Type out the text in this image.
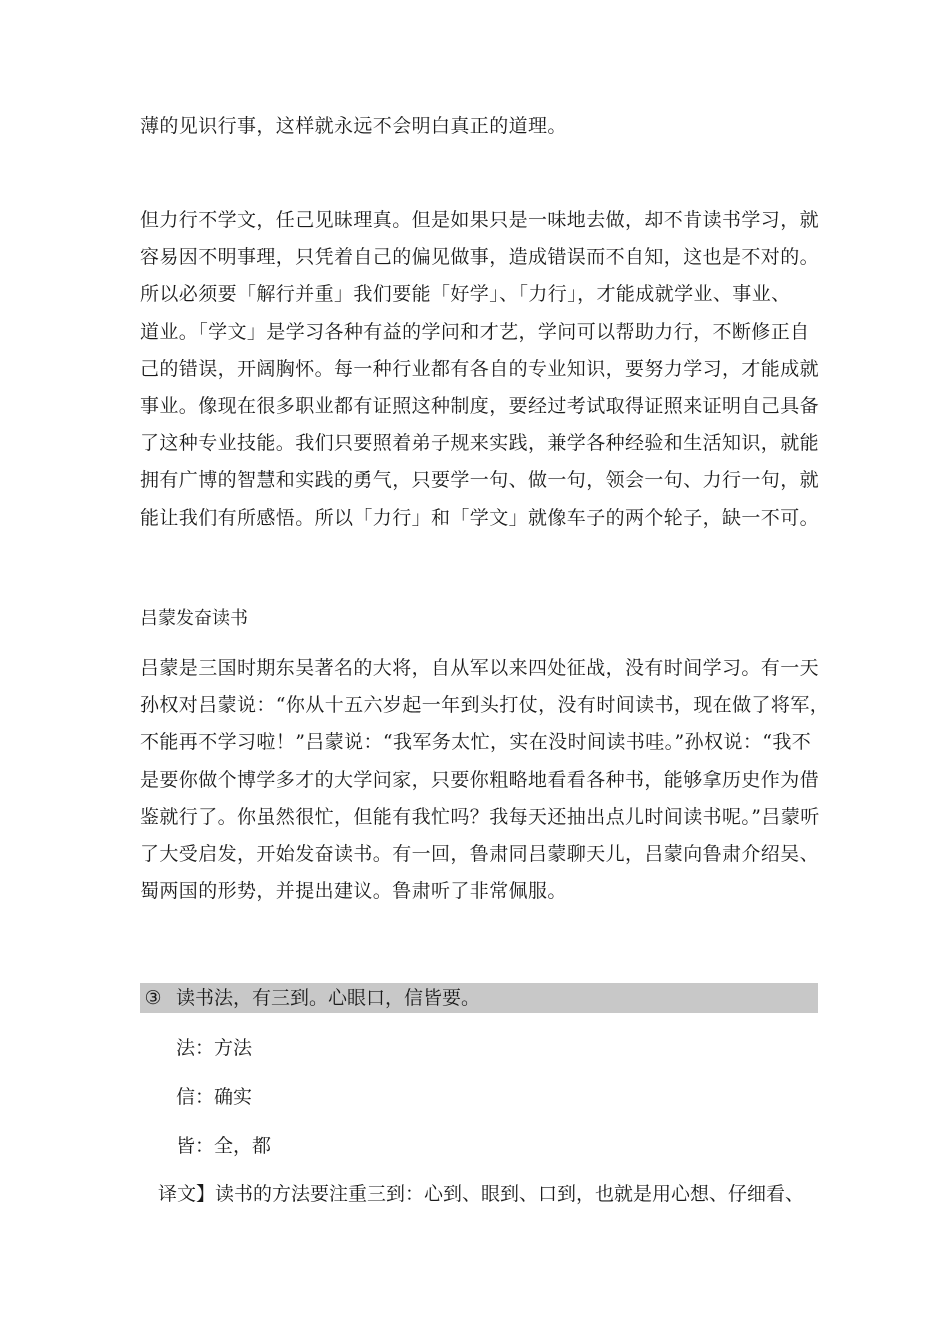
薄的见识行事，这样就永远不会明白真正的道理。
但力行不学文，任己见昧理真。但是如果只是一味地去做，却不肯读书学习，就
容易因不明事理，只凭着自己的偏见做事，造成错误而不自知，这也是不对的。
所以必须要「解行并重」我们要能「好学」、「力行」，才能成就学业、事业、
道业。「学文」是学习各种有益的学问和才艺，学问可以帮助力行，不断修正自
己的错误，开阔胸怀。每一种行业都有各自的专业知识，要努力学习，才能成就
事业。像现在很多职业都有证照这种制度，要经过考试取得证照来证明自己具备
了这种专业技能。我们只要照着弟子规来实践，兼学各种经验和生活知识，就能
拥有广博的智慧和实践的勇气，只要学一句、做一句，领会一句、力行一句，就
能让我们有所感悟。所以「力行」和「学文」就像车子的两个轮子，缺一不可。
吕蒙发奋读书
吕蒙是三国时期东吴著名的大将，自从军以来四处征战，没有时间学习。有一天
孙权对吕蒙说：“你从十五六岁起一年到头打仗，没有时间读书，现在做了将军，
不能再不学习啦！”吕蒙说：“我军务太忙，实在没时间读书哇。”孙权说：“我不
是要你做个博学多才的大学问家，只要你粗略地看看各种书，能够拿历史作为借
鉴就行了。你虽然很忙，但能有我忙吗？我每天还抽出点儿时间读书呢。”吕蒙听
了大受启发，开始发奋读书。有一回，鲁肃同吕蒙聊天儿，吕蒙向鲁肃介绍吴、
蜀两国的形势，并提出建议。鲁肃听了非常佩服。
③ 读书法，有三到。心眼口，信皆要。
法：方法
信：确实
皆：全，都
译文】读书的方法要注重三到：心到、眼到、口到，也就是用心想、仔细看、
